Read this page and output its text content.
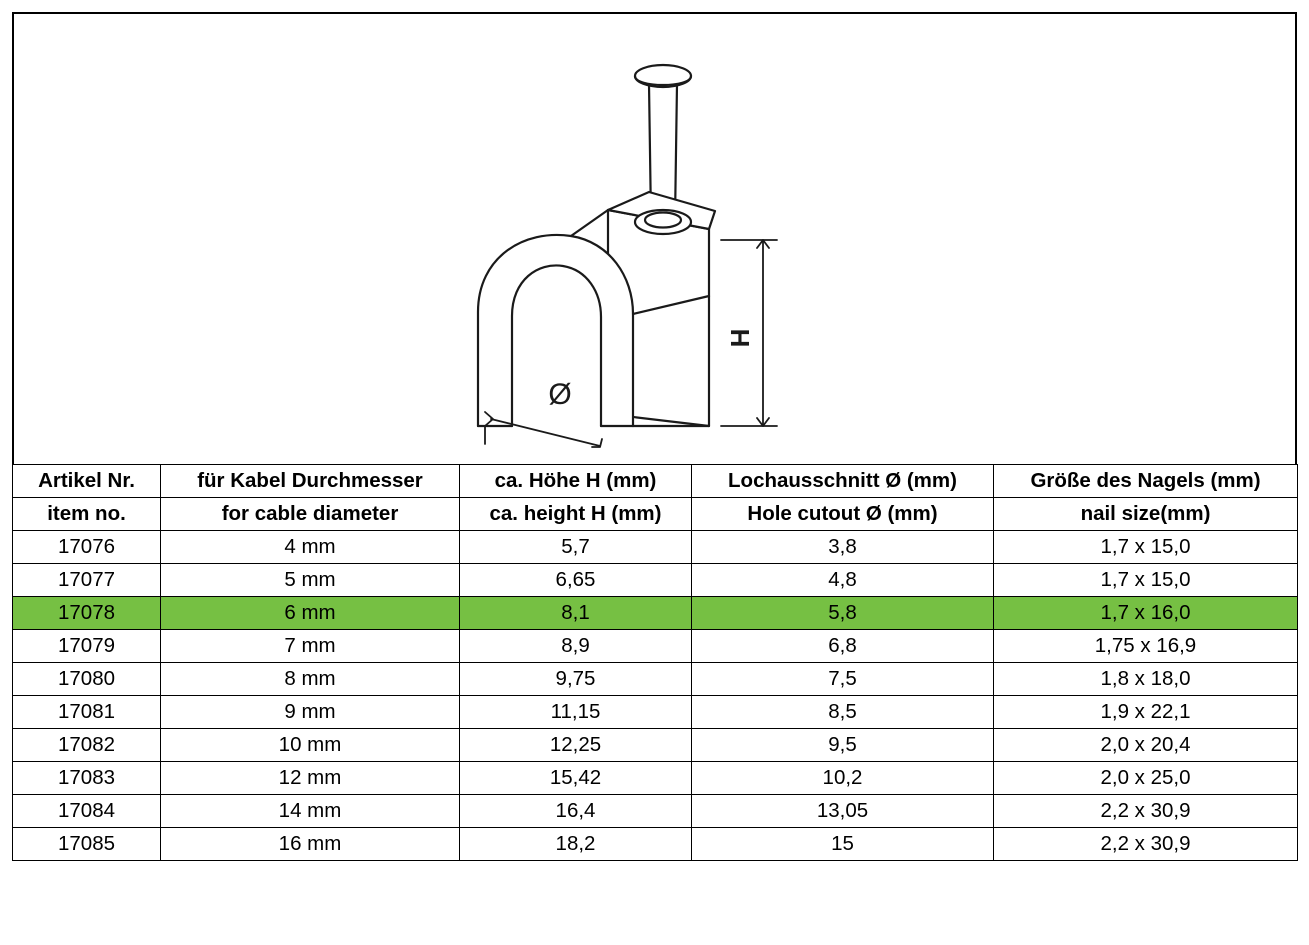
H
Ø
Artikel Nr.	für Kabel Durchmesser	ca. Höhe H (mm)	Lochausschnitt Ø (mm)	Größe des Nagels (mm)
item no.	for cable diameter	ca. height H (mm)	Hole cutout Ø (mm)	nail size(mm)
17076	4 mm	5,7	3,8	1,7 x 15,0
17077	5 mm	6,65	4,8	1,7 x 15,0
17078	6 mm	8,1	5,8	1,7 x 16,0
17079	7 mm	8,9	6,8	1,75 x 16,9
17080	8 mm	9,75	7,5	1,8 x 18,0
17081	9 mm	11,15	8,5	1,9 x 22,1
17082	10 mm	12,25	9,5	2,0 x 20,4
17083	12 mm	15,42	10,2	2,0 x 25,0
17084	14 mm	16,4	13,05	2,2 x 30,9
17085	16 mm	18,2	15	2,2 x 30,9
